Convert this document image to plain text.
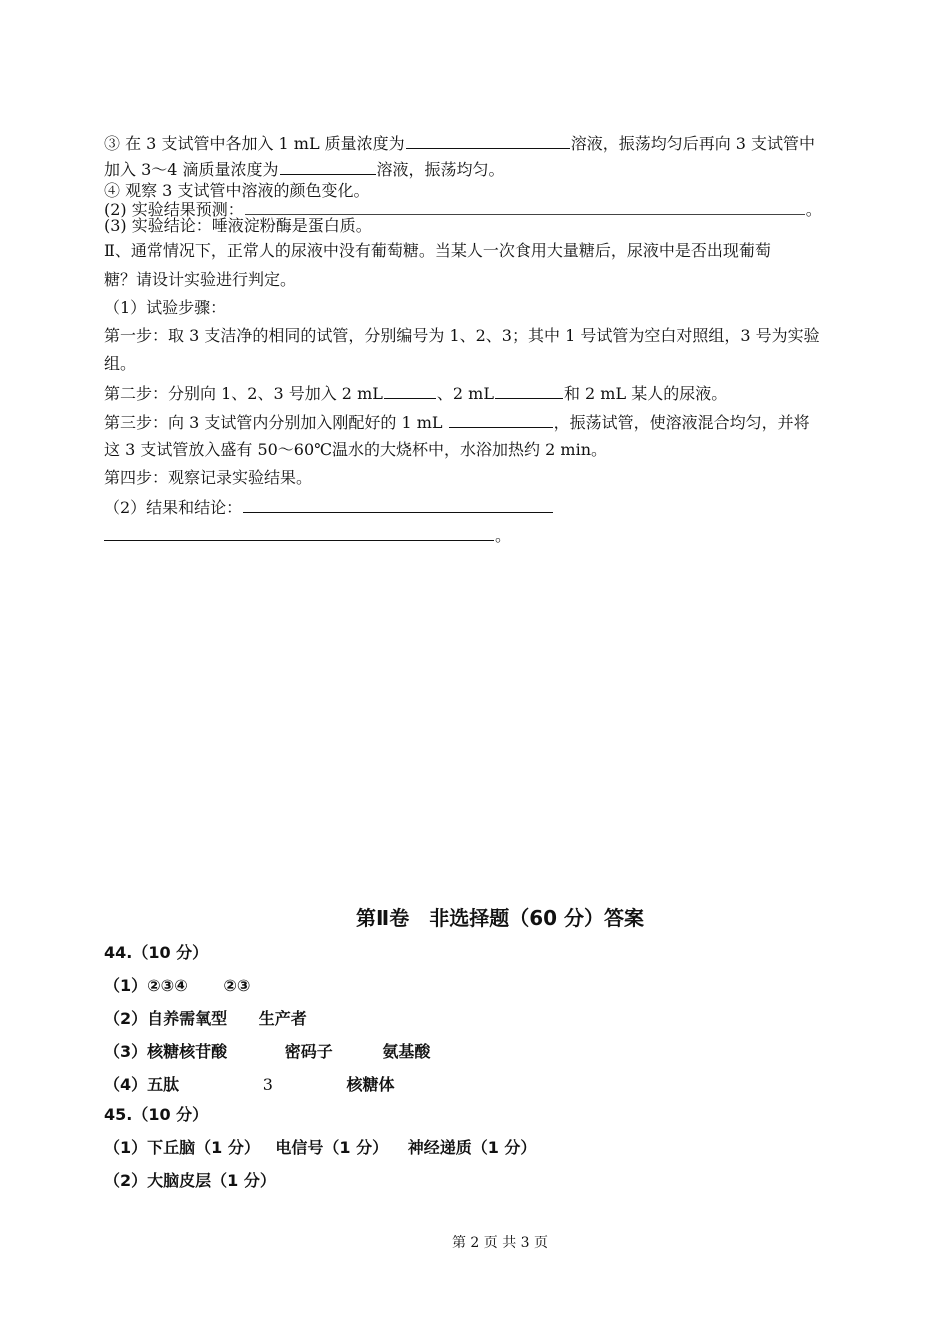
③ 在 3 支试管中各加入 1 mL 质量浓度为	溶液，振荡均匀后再向 3 支试管中
加入 3～4 滴质量浓度为	溶液，振荡均匀。
④ 观察 3 支试管中溶液的颜色变化。
(2) 实验结果预测：	。
(3) 实验结论：唾液淀粉酶是蛋白质。
Ⅱ、通常情况下，正常人的尿液中没有葡萄糖。当某人一次食用大量糖后，尿液中是否出现葡萄
糖？请设计实验进行判定。
（1）试验步骤：
第一步：取 3 支洁净的相同的试管，分别编号为 1、2、3；其中 1 号试管为空白对照组，3 号为实验
组。
第二步：分别向 1、2、3 号加入 2 mL	、2 mL	和 2 mL 某人的尿液。
第三步：向 3 支试管内分别加入刚配好的 1 mL	，振荡试管，使溶液混合均匀，并将
这 3 支试管放入盛有 50～60℃温水的大烧杯中，水浴加热约 2 min。
第四步：观察记录实验结果。
（2）结果和结论：
。
第Ⅱ卷　非选择题（60 分）答案
44.（10 分）
（1）②③④ ②③
（2）自养需氧型 生产者
（3）核糖核苷酸	密码子	氨基酸
（4）五肽	3	核糖体
45.（10 分）
（1）下丘脑（1 分） 电信号（1 分） 神经递质（1 分）
（2）大脑皮层（1 分）
第 2 页 共 3 页
